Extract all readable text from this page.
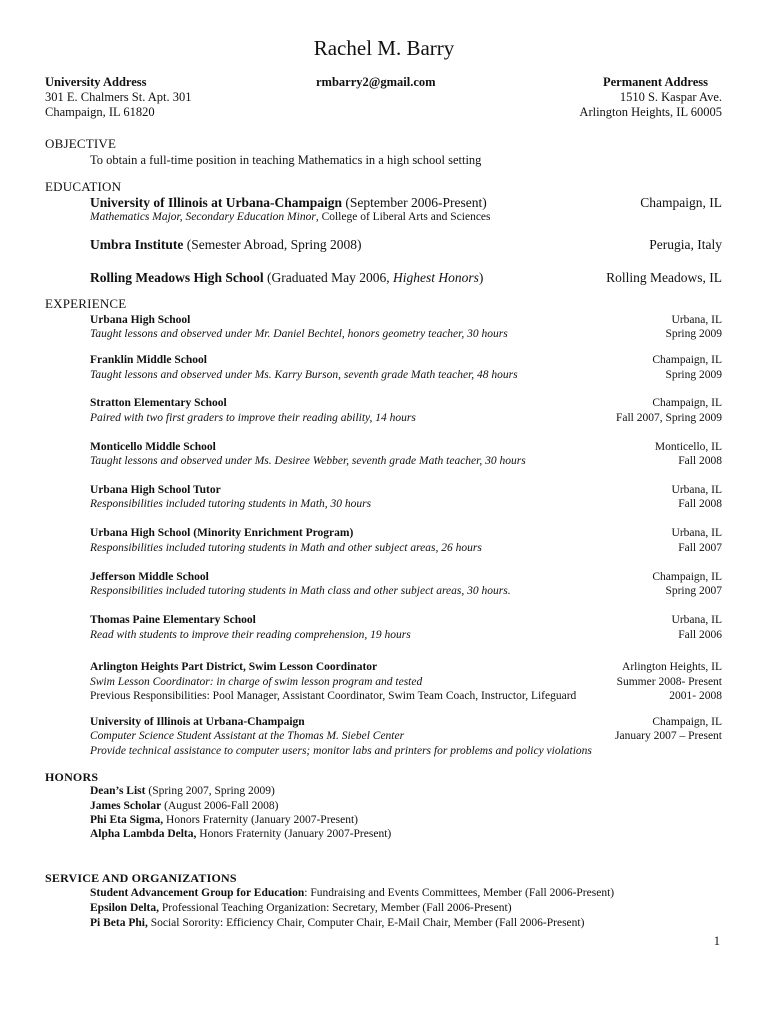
Rachel M. Barry
University Address
301 E. Chalmers St. Apt. 301
Champaign, IL 61820
rmbarry2@gmail.com	Permanent Address
1510 S. Kaspar Ave.
Arlington Heights, IL 60005
OBJECTIVE
To obtain a full-time position in teaching Mathematics in a high school setting
EDUCATION
University of Illinois at Urbana-Champaign (September 2006-Present)	Champaign, IL
Mathematics Major, Secondary Education Minor, College of Liberal Arts and Sciences
Umbra Institute (Semester Abroad, Spring 2008)	Perugia, Italy
Rolling Meadows High School (Graduated May 2006, Highest Honors)	Rolling Meadows, IL
EXPERIENCE
Urbana High School	Urbana, IL
Taught lessons and observed under Mr. Daniel Bechtel, honors geometry teacher, 30 hours	Spring 2009
Franklin Middle School	Champaign, IL
Taught lessons and observed under Ms. Karry Burson, seventh grade Math teacher, 48 hours	Spring 2009
Stratton Elementary School	Champaign, IL
Paired with two first graders to improve their reading ability, 14 hours	Fall 2007, Spring 2009
Monticello Middle School	Monticello, IL
Taught lessons and observed under Ms. Desiree Webber, seventh grade Math teacher, 30 hours	Fall 2008
Urbana High School Tutor	Urbana, IL
Responsibilities included tutoring students in Math, 30 hours	Fall 2008
Urbana High School (Minority Enrichment Program)	Urbana, IL
Responsibilities included tutoring students in Math and other subject areas, 26 hours	Fall 2007
Jefferson Middle School	Champaign, IL
Responsibilities included tutoring students in Math class and other subject areas, 30 hours.	Spring 2007
Thomas Paine Elementary School	Urbana, IL
Read with students to improve their reading comprehension, 19 hours	Fall 2006
Arlington Heights Part District, Swim Lesson Coordinator	Arlington Heights, IL
Swim Lesson Coordinator: in charge of swim lesson program and tested	Summer 2008- Present
Previous Responsibilities: Pool Manager, Assistant Coordinator, Swim Team Coach, Instructor, Lifeguard	2001- 2008
University of Illinois at Urbana-Champaign	Champaign, IL
Computer Science Student Assistant at the Thomas M. Siebel Center	January 2007 – Present
Provide technical assistance to computer users; monitor labs and printers for problems and policy violations
HONORS
Dean’s List (Spring 2007, Spring 2009)
James Scholar (August 2006-Fall 2008)
Phi Eta Sigma, Honors Fraternity (January 2007-Present)
Alpha Lambda Delta, Honors Fraternity (January 2007-Present)
SERVICE AND ORGANIZATIONS
Student Advancement Group for Education: Fundraising and Events Committees, Member (Fall 2006-Present)
Epsilon Delta, Professional Teaching Organization: Secretary, Member (Fall 2006-Present)
Pi Beta Phi, Social Sorority: Efficiency Chair, Computer Chair, E-Mail Chair, Member (Fall 2006-Present)
1
